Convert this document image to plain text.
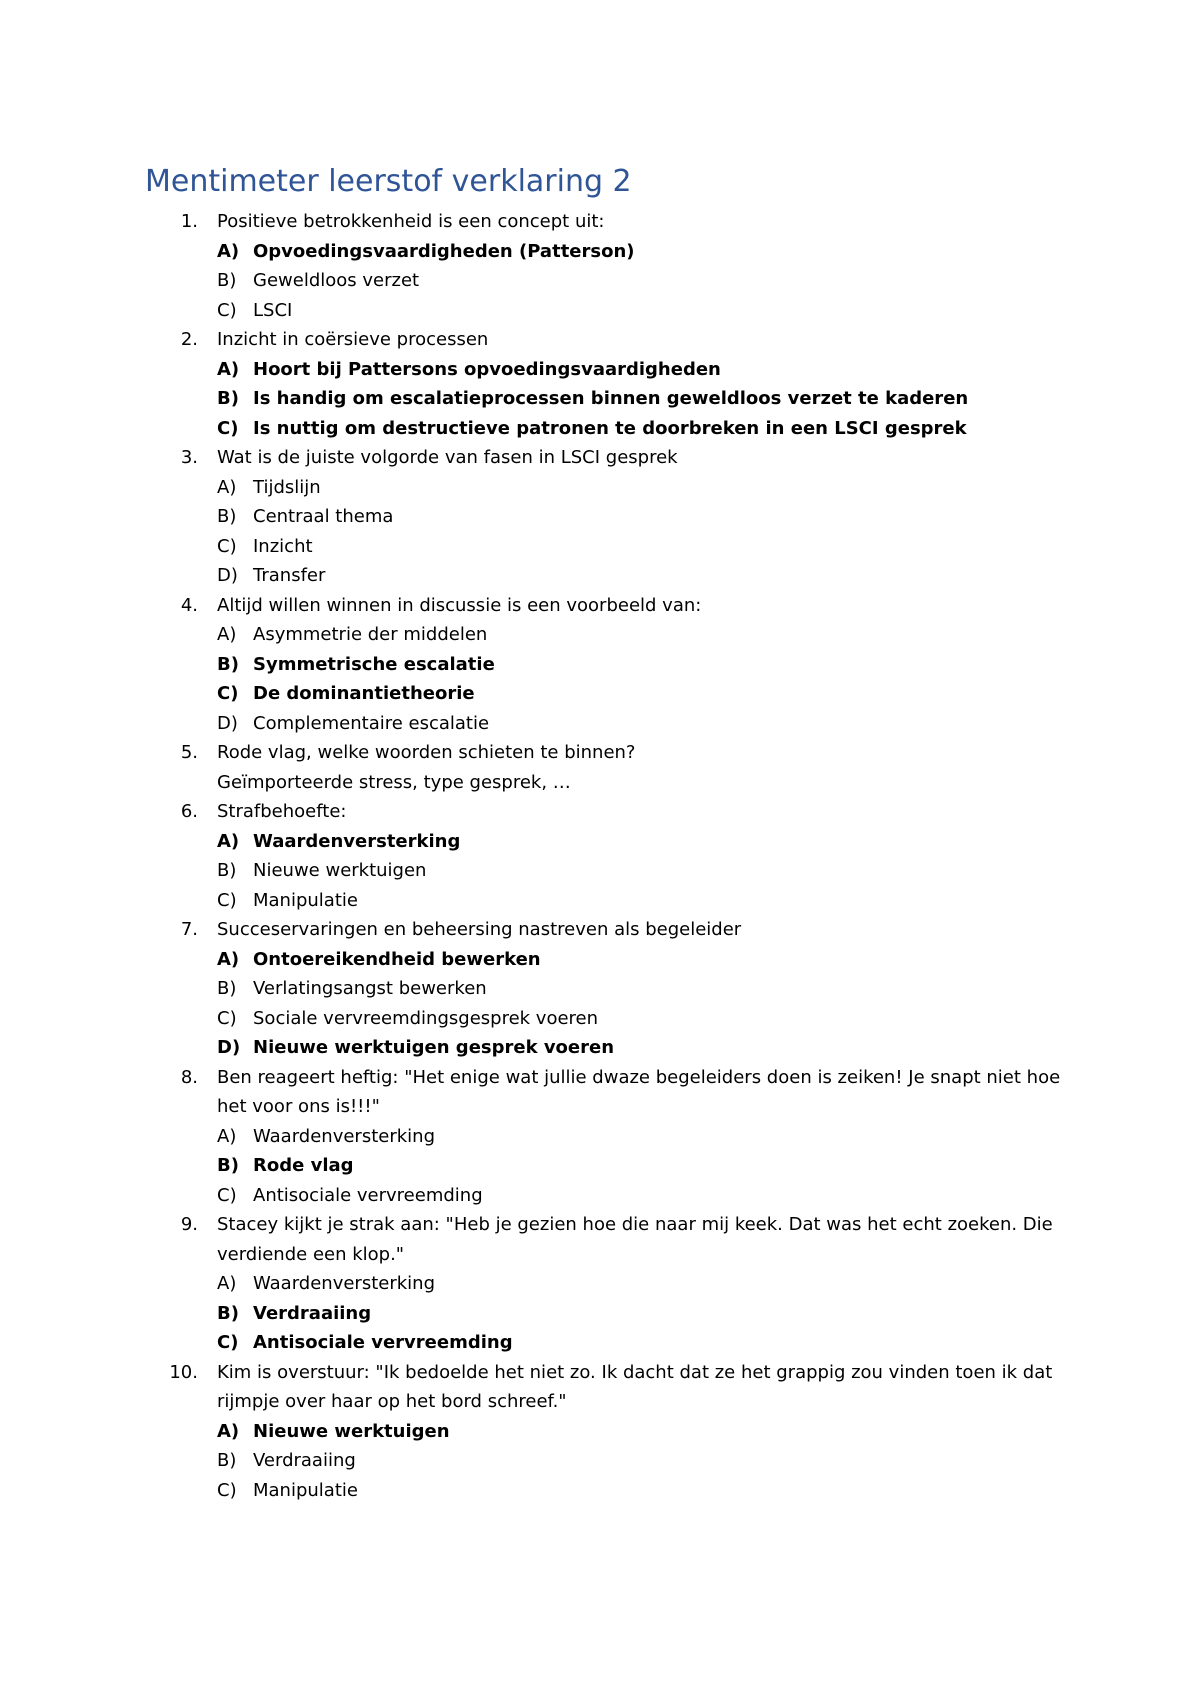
Mentimeter leerstof verklaring 2
1. Positieve betrokkenheid is een concept uit:
A) Opvoedingsvaardigheden (Patterson)
B) Geweldloos verzet
C) LSCI
2. Inzicht in coërsieve processen
A) Hoort bij Pattersons opvoedingsvaardigheden
B) Is handig om escalatieprocessen binnen geweldloos verzet te kaderen
C) Is nuttig om destructieve patronen te doorbreken in een LSCI gesprek
3. Wat is de juiste volgorde van fasen in LSCI gesprek
A) Tijdslijn
B) Centraal thema
C) Inzicht
D) Transfer
4. Altijd willen winnen in discussie is een voorbeeld van:
A) Asymmetrie der middelen
B) Symmetrische escalatie
C) De dominantietheorie
D) Complementaire escalatie
5. Rode vlag, welke woorden schieten te binnen?
Geïmporteerde stress, type gesprek, …
6. Strafbehoefte:
A) Waardenversterking
B) Nieuwe werktuigen
C) Manipulatie
7. Succeservaringen en beheersing nastreven als begeleider
A) Ontoereikendheid bewerken
B) Verlatingsangst bewerken
C) Sociale vervreemdingsgesprek voeren
D) Nieuwe werktuigen gesprek voeren
8. Ben reageert heftig: "Het enige wat jullie dwaze begeleiders doen is zeiken! Je snapt niet hoe het voor ons is!!!"
A) Waardenversterking
B) Rode vlag
C) Antisociale vervreemding
9. Stacey kijkt je strak aan: "Heb je gezien hoe die naar mij keek. Dat was het echt zoeken. Die verdiende een klop."
A) Waardenversterking
B) Verdraaiing
C) Antisociale vervreemding
10. Kim is overstuur: "Ik bedoelde het niet zo. Ik dacht dat ze het grappig zou vinden toen ik dat rijmpje over haar op het bord schreef."
A) Nieuwe werktuigen
B) Verdraaiing
C) Manipulatie
